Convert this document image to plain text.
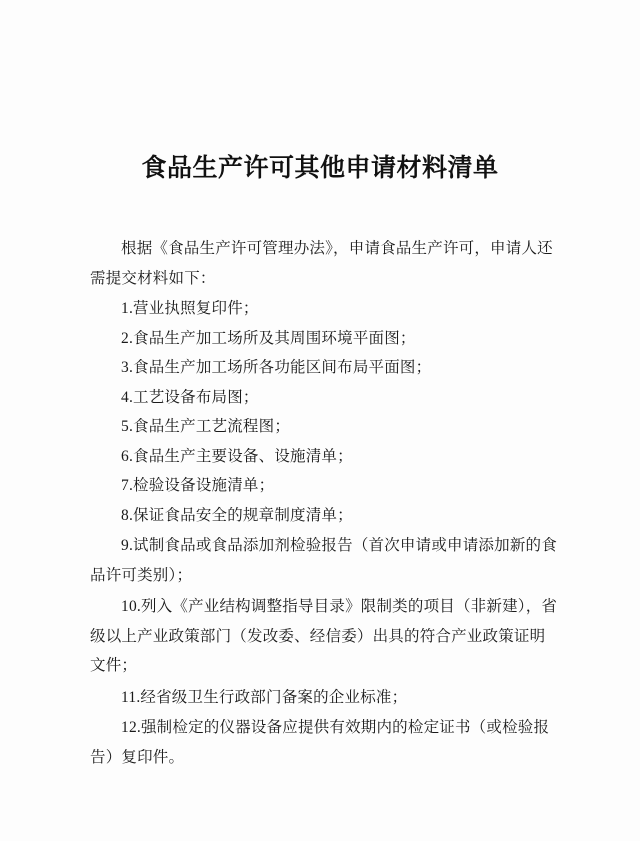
食品生产许可其他申请材料清单

根据《食品生产许可管理办法》，申请食品生产许可，申请人还需提交材料如下：

1.营业执照复印件；

2.食品生产加工场所及其周围环境平面图；

3.食品生产加工场所各功能区间布局平面图；

4.工艺设备布局图；

5.食品生产工艺流程图；

6.食品生产主要设备、设施清单；

7.检验设备设施清单；

8.保证食品安全的规章制度清单；

9.试制食品或食品添加剂检验报告（首次申请或申请添加新的食品许可类别）；

10.列入《产业结构调整指导目录》限制类的项目（非新建），省级以上产业政策部门（发改委、经信委）出具的符合产业政策证明文件；

11.经省级卫生行政部门备案的企业标准；

12.强制检定的仪器设备应提供有效期内的检定证书（或检验报告）复印件。
